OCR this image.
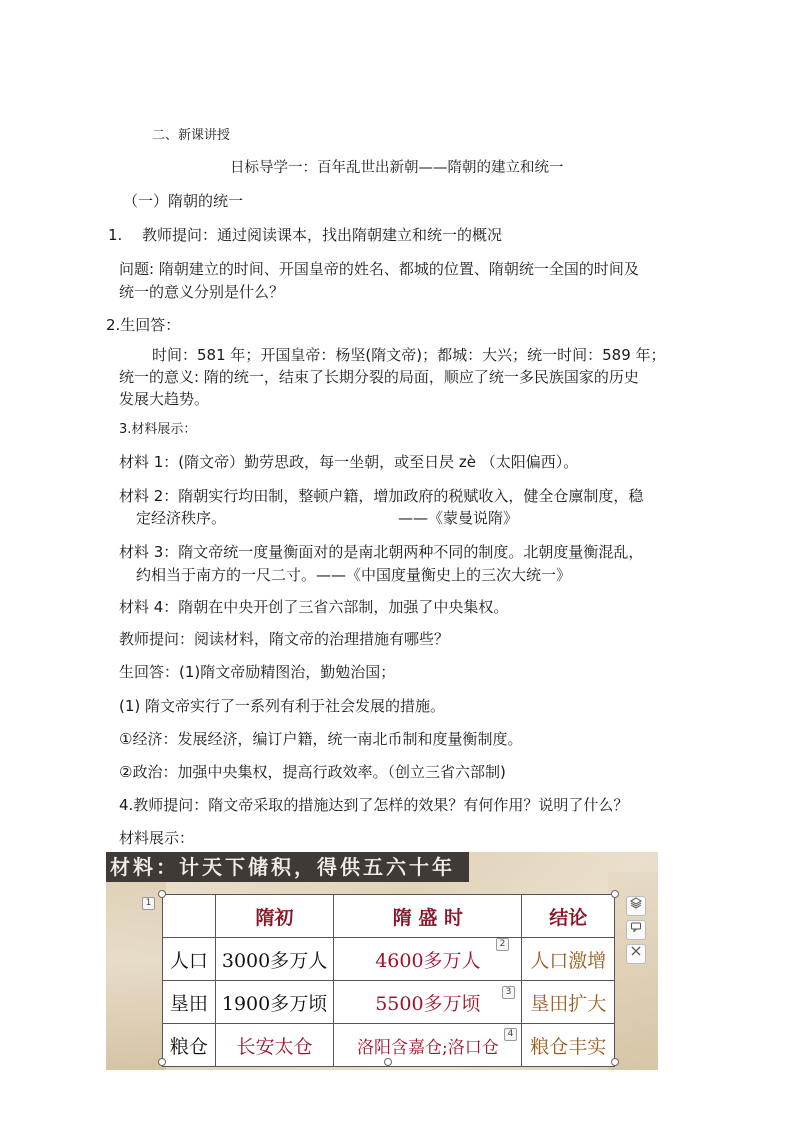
二、新课讲授
日标导学一：百年乱世出新朝——隋朝的建立和统一
（一）隋朝的统一
1. 教师提问：通过阅读课本，找出隋朝建立和统一的概况
问题: 隋朝建立的时间、开国皇帝的姓名、都城的位置、隋朝统一全国的时间及
统一的意义分别是什么？
2.生回答：
时间：581 年；开国皇帝：杨坚(隋文帝)；都城：大兴；统一时间：589 年；
统一的意义: 隋的统一，结束了长期分裂的局面，顺应了统一多民族国家的历史
发展大趋势。
3.材料展示：
材料 1：(隋文帝）勤劳思政，每一坐朝，或至日昃 zè （太阳偏西）。
材料 2：隋朝实行均田制，整顿户籍，增加政府的税赋收入，健全仓廪制度，稳
定经济秩序。	——《蒙曼说隋》
材料 3：隋文帝统一度量衡面对的是南北朝两种不同的制度。北朝度量衡混乱，
约相当于南方的一尺二寸。——《中国度量衡史上的三次大统一》
材料 4：隋朝在中央开创了三省六部制，加强了中央集权。
教师提问：阅读材料，隋文帝的治理措施有哪些？
生回答：(1)隋文帝励精图治，勤勉治国；
(1) 隋文帝实行了一系列有利于社会发展的措施。
①经济：发展经济，编订户籍，统一南北币制和度量衡制度。
②政治：加强中央集权，提高行政效率。（创立三省六部制)
4.教师提问：隋文帝采取的措施达到了怎样的效果？有何作用？说明了什么？
材料展示：
材料：计天下储积，得供五六十年
1
	隋初	隋 盛 时	结论
人口	3000多万人	4600多万人	人口激增
垦田	1900多万顷	5500多万顷	垦田扩大
粮仓	长安太仓	洛阳含嘉仓;洛口仓	粮仓丰实
2
3
4
